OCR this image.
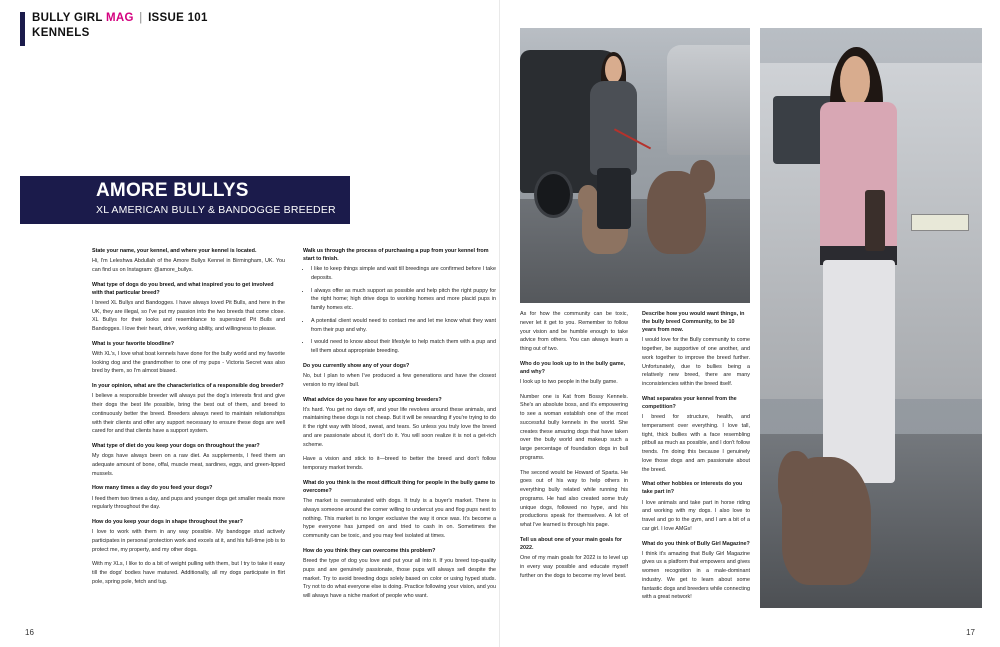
BULLY GIRL MAG | ISSUE 101
KENNELS
AMORE BULLYS
XL AMERICAN BULLY & BANDOGGE BREEDER

State your name, your kennel, and where your kennel is located.

Hi, I'm Leleshwa Abdullah of the Amore Bullys Kennel in Birmingham, UK. You can find us on Instagram: @amore_bullys.

What type of dogs do you breed, and what inspired you to get involved with that particular breed?

I breed XL Bullys and Bandogges. I have always loved Pit Bulls, and here in the UK, they are illegal, so I've put my passion into the two breeds that come close. XL Bullys for their looks and resemblance to supersized Pit Bulls and Bandogges. I love their heart, drive, working ability, and willingness to please.

What is your favorite bloodline?

With XL's, I love what boat kennels have done for the bully world and my favorite looking dog and the grandmother to one of my pups - Victoria Secret was also bred by them, so I'm almost biased.

In your opinion, what are the characteristics of a responsible dog breeder?

I believe a responsible breeder will always put the dog's interests first and give their dogs the best life possible, bring the best out of them, and breed to continuously better the breed. Breeders always need to maintain relationships with their clients and offer any support necessary to ensure these dogs are well cared for and that clients have a support system.

What type of diet do you keep your dogs on throughout the year?

My dogs have always been on a raw diet. As supplements, I feed them an adequate amount of bone, offal, muscle meat, sardines, eggs, and green-lipped mussels.

How many times a day do you feed your dogs?

I feed them two times a day, and pups and younger dogs get smaller meals more regularly throughout the day.

How do you keep your dogs in shape throughout the year?

I love to work with them in any way possible. My bandogge stud actively participates in personal protection work and excels at it, and his full-time job is to protect me, my property, and my other dogs.

With my XLs, I like to do a bit of weight pulling with them, but I try to take it easy till the dogs' bodies have matured. Additionally, all my dogs participate in flirt pole, spring pole, fetch and tug.

Walk us through the process of purchasing a pup from your kennel from start to finish.

• I like to keep things simple and wait till breedings are confirmed before I take deposits.
• I always offer as much support as possible and help pitch the right puppy for the right home; high drive dogs to working homes and more placid pups in family homes etc.
• A potential client would need to contact me and let me know what they want from their pup and why.
• I would need to know about their lifestyle to help match them with a pup and tell them about appropriate breeding.

Do you currently show any of your dogs?

No, but I plan to when I've produced a few generations and have the closest version to my ideal bull.

What advice do you have for any upcoming breeders?

It's hard. You get no days off, and your life revolves around these animals, and maintaining these dogs is not cheap. But it will be rewarding if you're trying to do it the right way with blood, sweat, and tears. So unless you truly love the breed and are passionate about it, don't do it. You will soon realize it is not a get-rich scheme.

Have a vision and stick to it—breed to better the breed and don't follow temporary market trends.

What do you think is the most difficult thing for people in the bully game to overcome?

The market is oversaturated with dogs. It truly is a buyer's market. There is always someone around the corner willing to undercut you and flog pups next to nothing. This market is no longer exclusive the way it once was. It's become a hype everyone has jumped on and tried to cash in on. Sometimes the community can be toxic, and you may feel isolated at times.

How do you think they can overcome this problem?

Breed the type of dog you love and put your all into it. If you breed top-quality pups and are genuinely passionate, those pups will always sell despite the market. Try to avoid breeding dogs solely based on color or using hyped studs. Try not to do what everyone else is doing. Practice following your vision, and you will always have a niche market of people who want.

As for how the community can be toxic, never let it get to you. Remember to follow your vision and be humble enough to take advice from others. You can always learn a thing out of two.

Who do you look up to in the bully game, and why?

I look up to two people in the bully game.

Number one is Kat from Bossy Kennels. She's an absolute boss, and it's empowering to see a woman establish one of the most successful bully kennels in the world. She creates these amazing dogs that have taken over the bully world and makeup such a large percentage of foundation dogs in bull programs.

The second would be Howard of Sparta. He goes out of his way to help others in everything bully related while running his programs. He had also created some truly unique dogs, followed no hype, and his productions speak for themselves. A lot of what I've learned is through his page.

Tell us about one of your main goals for 2022.

One of my main goals for 2022 is to level up in every way possible and educate myself further on the dogs to become my level best.

Describe how you would want things, in the bully breed Community, to be 10 years from now.

I would love for the Bully community to come together, be supportive of one another, and work together to improve the breed further. Unfortunately, due to bullies being a relatively new breed, there are many inconsistencies within the breed itself.

What separates your kennel from the competition?

I breed for structure, health, and temperament over everything. I love tall, tight, thick bullies with a face resembling pitbull as much as possible, and I don't follow trends. I'm doing this because I genuinely love those dogs and am passionate about the breed.

What other hobbies or interests do you take part in?

I love animals and take part in horse riding and working with my dogs. I also love to travel and go to the gym, and I am a bit of a car girl. I love AMGs!

What do you think of Bully Girl Magazine?

I think it's amazing that Bully Girl Magazine gives us a platform that empowers and gives women recognition in a male-dominant industry. We get to learn about some fantastic dogs and breeders while connecting with a great network!

16	17
